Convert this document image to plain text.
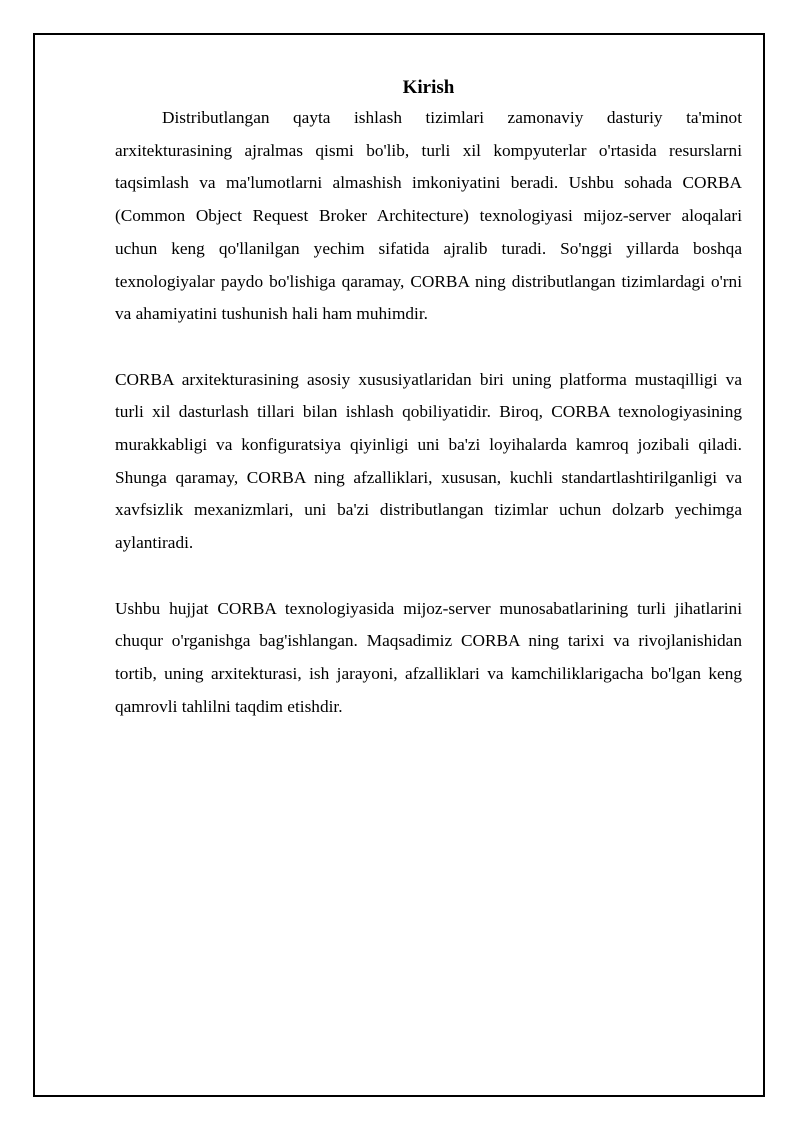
Kirish

Distributlangan qayta ishlash tizimlari zamonaviy dasturiy ta'minot arxitekturasining ajralmas qismi bo'lib, turli xil kompyuterlar o'rtasida resurslarni taqsimlash va ma'lumotlarni almashish imkoniyatini beradi. Ushbu sohada CORBA (Common Object Request Broker Architecture) texnologiyasi mijoz-server aloqalari uchun keng qo'llanilgan yechim sifatida ajralib turadi. So'nggi yillarda boshqa texnologiyalar paydo bo'lishiga qaramay, CORBA ning distributlangan tizimlardagi o'rni va ahamiyatini tushunish hali ham muhimdir.

CORBA arxitekturasining asosiy xususiyatlaridan biri uning platforma mustaqilligi va turli xil dasturlash tillari bilan ishlash qobiliyatidir. Biroq, CORBA texnologiyasining murakkabligi va konfiguratsiya qiyinligi uni ba'zi loyihalarda kamroq jozibali qiladi. Shunga qaramay, CORBA ning afzalliklari, xususan, kuchli standartlashtirilganligi va xavfsizlik mexanizmlari, uni ba'zi distributlangan tizimlar uchun dolzarb yechimga aylantiradi.

Ushbu hujjat CORBA texnologiyasida mijoz-server munosabatlarining turli jihatlarini chuqur o'rganishga bag'ishlangan. Maqsadimiz CORBA ning tarixi va rivojlanishidan tortib, uning arxitekturasi, ish jarayoni, afzalliklari va kamchiliklarigacha bo'lgan keng qamrovli tahlilni taqdim etishdir.
